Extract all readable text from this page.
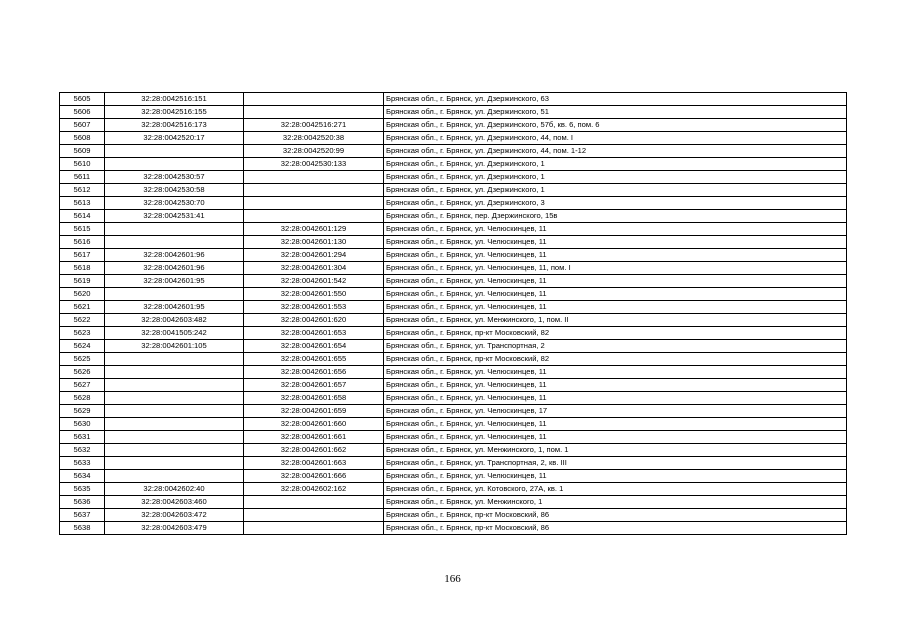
5605	32:28:0042516:151		Брянская обл., г. Брянск, ул. Дзержинского, 63
5606	32:28:0042516:155		Брянская обл., г. Брянск, ул. Дзержинского, 51
5607	32:28:0042516:173	32:28:0042516:271	Брянская обл., г. Брянск, ул. Дзержинского, 57б, кв. 6, пом. 6
5608	32:28:0042520:17	32:28:0042520:38	Брянская обл., г. Брянск, ул. Дзержинского, 44, пом. I
5609		32:28:0042520:99	Брянская обл., г. Брянск, ул. Дзержинского, 44, пом. 1-12
5610		32:28:0042530:133	Брянская обл., г. Брянск, ул. Дзержинского, 1
5611	32:28:0042530:57		Брянская обл., г. Брянск, ул. Дзержинского, 1
5612	32:28:0042530:58		Брянская обл., г. Брянск, ул. Дзержинского, 1
5613	32:28:0042530:70		Брянская обл., г. Брянск, ул. Дзержинского, 3
5614	32:28:0042531:41		Брянская обл., г. Брянск, пер. Дзержинского, 15в
5615		32:28:0042601:129	Брянская обл., г. Брянск, ул. Челюскинцев, 11
5616		32:28:0042601:130	Брянская обл., г. Брянск, ул. Челюскинцев, 11
5617	32:28:0042601:96	32:28:0042601:294	Брянская обл., г. Брянск, ул. Челюскинцев, 11
5618	32:28:0042601:96	32:28:0042601:304	Брянская обл., г. Брянск, ул. Челюскинцев, 11, пом. I
5619	32:28:0042601:95	32:28:0042601:542	Брянская обл., г. Брянск, ул. Челюскинцев, 11
5620		32:28:0042601:550	Брянская обл., г. Брянск, ул. Челюскинцев, 11
5621	32:28:0042601:95	32:28:0042601:553	Брянская обл., г. Брянск, ул. Челюскинцев, 11
5622	32:28:0042603:482	32:28:0042601:620	Брянская обл., г. Брянск, ул. Менжинского, 1, пом. II
5623	32:28:0041505:242	32:28:0042601:653	Брянская обл., г. Брянск, пр-кт Московский, 82
5624	32:28:0042601:105	32:28:0042601:654	Брянская обл., г. Брянск, ул. Транспортная, 2
5625		32:28:0042601:655	Брянская обл., г. Брянск, пр-кт Московский, 82
5626		32:28:0042601:656	Брянская обл., г. Брянск, ул. Челюскинцев, 11
5627		32:28:0042601:657	Брянская обл., г. Брянск, ул. Челюскинцев, 11
5628		32:28:0042601:658	Брянская обл., г. Брянск, ул. Челюскинцев, 11
5629		32:28:0042601:659	Брянская обл., г. Брянск, ул. Челюскинцев, 17
5630		32:28:0042601:660	Брянская обл., г. Брянск, ул. Челюскинцев, 11
5631		32:28:0042601:661	Брянская обл., г. Брянск, ул. Челюскинцев, 11
5632		32:28:0042601:662	Брянская обл., г. Брянск, ул. Менжинского, 1, пом. 1
5633		32:28:0042601:663	Брянская обл., г. Брянск, ул. Транспортная, 2, кв. III
5634		32:28:0042601:666	Брянская обл., г. Брянск, ул. Челюскинцев, 11
5635	32:28:0042602:40	32:28:0042602:162	Брянская обл., г. Брянск, ул. Котовского, 27А, кв. 1
5636	32:28:0042603:460		Брянская обл., г. Брянск, ул. Менжинского, 1
5637	32:28:0042603:472		Брянская обл., г. Брянск, пр-кт Московский, 86
5638	32:28:0042603:479		Брянская обл., г. Брянск, пр-кт Московский, 86
166
